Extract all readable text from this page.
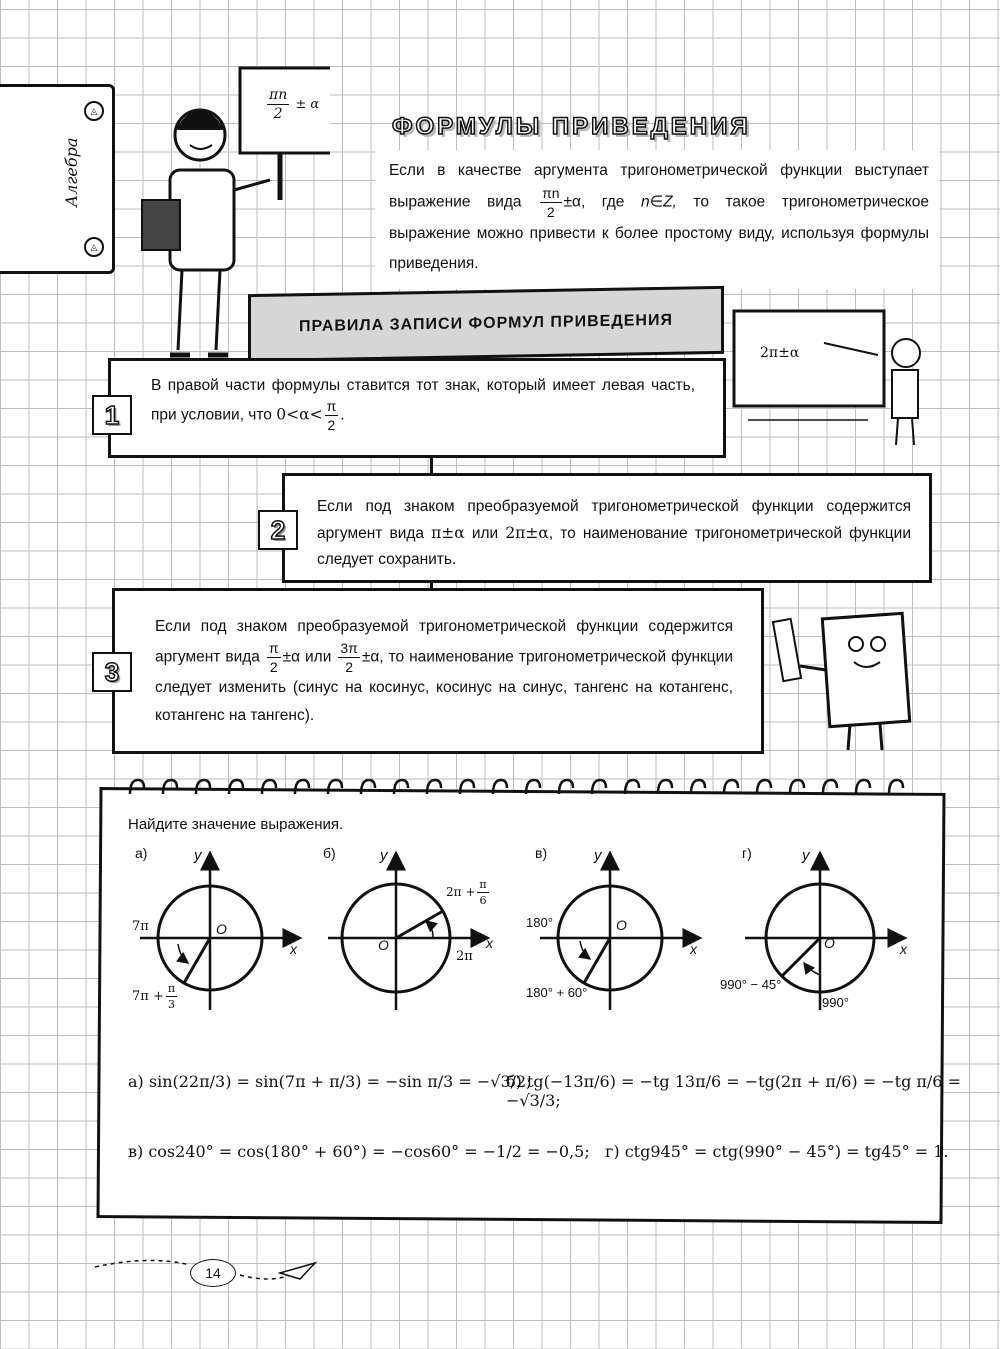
◬
Алгебра
◬
$\frac{\pi n}{2} \pm \alpha$
ФОРМУЛЫ ПРИВЕДЕНИЯ
Если в качестве аргумента тригонометрической функции выступает выражение вида $\frac{\pi n}{2} \pm\alpha$, где n∈Z, то такое тригонометрическое выражение можно привести к более простому виду, используя формулы приведения.
ПРАВИЛА ЗАПИСИ ФОРМУЛ ПРИВЕДЕНИЯ
2π±α
В правой части формулы ставится тот знак, который имеет левая часть, при условии, что $0<\alpha< \frac{\pi}{2}$ .
1
Если под знаком преобразуемой тригонометрической функции содержится аргумент вида π±α или 2π±α, то наименование тригонометрической функции следует сохранить.
2
Если под знаком преобразуемой тригонометрической функции содержится аргумент вида $\frac{\pi}{2} \pm\alpha$ или $\frac{3\pi}{2} \pm\alpha$, то наименование тригонометрической функции следует изменить (синус на косинус, косинус на синус, тангенс на котангенс, котангенс на тангенс).
3
Найдите значение выражения.
а)	y
x
O
7π
$7\pi + \frac{\pi}{3}$
б)	y
x
O
2π
$2\pi + \frac{\pi}{6}$
в)	y
x
O
180°
180° + 60°
г)	y
x
O
990°
990° − 45°
а) sin(22π/3) = sin(7π + π/3) = −sin π/3 = −√3/2;
б) tg(−13π/6) = −tg 13π/6 = −tg(2π + π/6) = −tg π/6 = −√3/3;
в) cos240° = cos(180° + 60°) = −cos60° = −1/2 = −0,5; г) ctg945° = ctg(990° − 45°) = tg45° = 1.
14
